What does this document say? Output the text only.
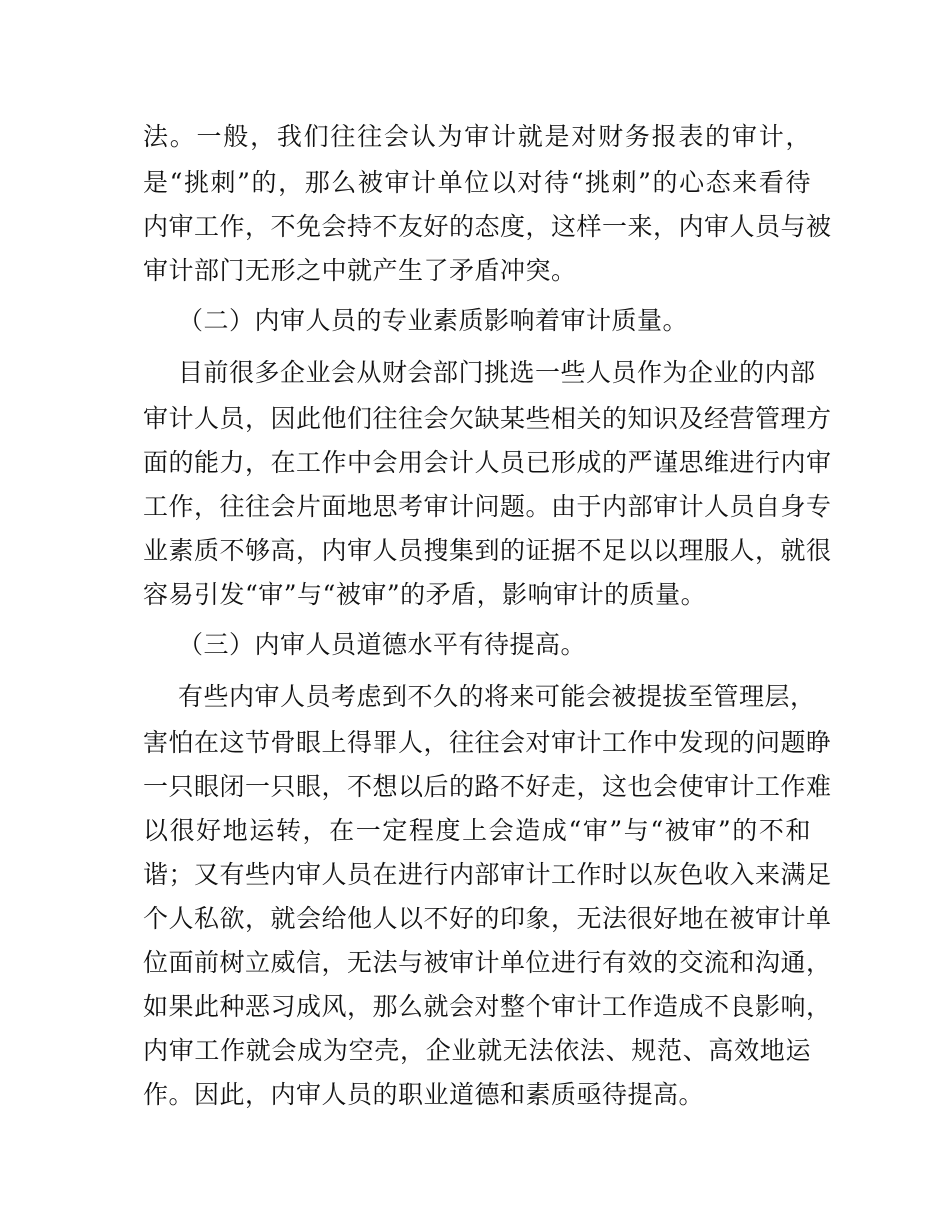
法。一般，我们往往会认为审计就是对财务报表的审计，
是“挑刺”的，那么被审计单位以对待“挑刺”的心态来看待
内审工作，不免会持不友好的态度，这样一来，内审人员与被
审计部门无形之中就产生了矛盾冲突。
（二）内审人员的专业素质影响着审计质量。
目前很多企业会从财会部门挑选一些人员作为企业的内部
审计人员，因此他们往往会欠缺某些相关的知识及经营管理方
面的能力，在工作中会用会计人员已形成的严谨思维进行内审
工作，往往会片面地思考审计问题。由于内部审计人员自身专
业素质不够高，内审人员搜集到的证据不足以以理服人，就很
容易引发“审”与“被审”的矛盾，影响审计的质量。
（三）内审人员道德水平有待提高。
有些内审人员考虑到不久的将来可能会被提拔至管理层，
害怕在这节骨眼上得罪人，往往会对审计工作中发现的问题睁
一只眼闭一只眼，不想以后的路不好走，这也会使审计工作难
以很好地运转，在一定程度上会造成“审”与“被审”的不和
谐；又有些内审人员在进行内部审计工作时以灰色收入来满足
个人私欲，就会给他人以不好的印象，无法很好地在被审计单
位面前树立威信，无法与被审计单位进行有效的交流和沟通，
如果此种恶习成风，那么就会对整个审计工作造成不良影响，
内审工作就会成为空壳，企业就无法依法、规范、高效地运
作。因此，内审人员的职业道德和素质亟待提高。
